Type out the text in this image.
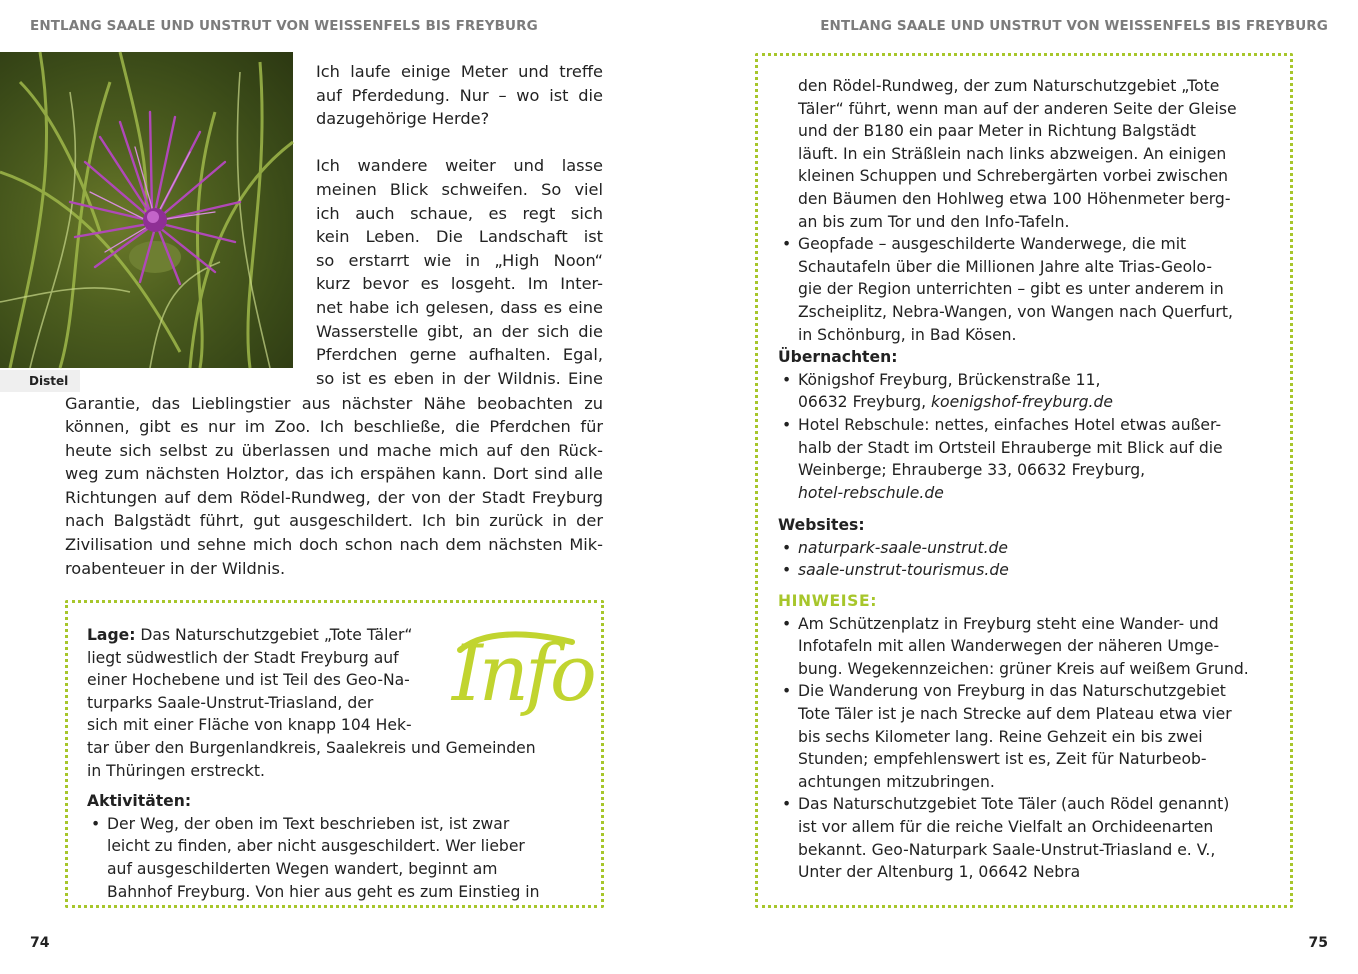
ENTLANG SAALE UND UNSTRUT VON WEISSENFELS BIS FREYBURG
Distel
Ich laufe einige Meter und treffe
auf Pferdedung. Nur – wo ist die
dazugehörige Herde?

Ich wandere weiter und lasse
meinen Blick schweifen. So viel
ich auch schaue, es regt sich
kein Leben. Die Landschaft ist
so erstarrt wie in „High Noon“
kurz bevor es losgeht. Im Inter-
net habe ich gelesen, dass es eine
Wasserstelle gibt, an der sich die
Pferdchen gerne aufhalten. Egal,
so ist es eben in der Wildnis. Eine
Garantie, das Lieblingstier aus nächster Nähe beobachten zu
können, gibt es nur im Zoo. Ich beschließe, die Pferdchen für
heute sich selbst zu überlassen und mache mich auf den Rück-
weg zum nächsten Holztor, das ich erspähen kann. Dort sind alle
Richtungen auf dem Rödel-Rundweg, der von der Stadt Freyburg
nach Balgstädt führt, gut ausgeschildert. Ich bin zurück in der
Zivilisation und sehne mich doch schon nach dem nächsten Mik-
roabenteuer in der Wildnis.
Info
Lage: Das Naturschutzgebiet „Tote Täler“
liegt südwestlich der Stadt Freyburg auf
einer Hochebene und ist Teil des Geo-Na-
turparks Saale-Unstrut-Triasland, der
sich mit einer Fläche von knapp 104 Hek-
tar über den Burgenlandkreis, Saalekreis und Gemeinden
in Thüringen erstreckt.

Aktivitäten:
• Der Weg, der oben im Text beschrieben ist, ist zwar
leicht zu finden, aber nicht ausgeschildert. Wer lieber
auf ausgeschilderten Wegen wandert, beginnt am
Bahnhof Freyburg. Von hier aus geht es zum Einstieg in
74
ENTLANG SAALE UND UNSTRUT VON WEISSENFELS BIS FREYBURG
den Rödel-Rundweg, der zum Naturschutzgebiet „Tote
Täler“ führt, wenn man auf der anderen Seite der Gleise
und der B180 ein paar Meter in Richtung Balgstädt
läuft. In ein Sträßlein nach links abzweigen. An einigen
kleinen Schuppen und Schrebergärten vorbei zwischen
den Bäumen den Hohlweg etwa 100 Höhenmeter berg-
an bis zum Tor und den Info-Tafeln.
• Geopfade – ausgeschilderte Wanderwege, die mit
Schautafeln über die Millionen Jahre alte Trias-Geolo-
gie der Region unterrichten – gibt es unter anderem in
Zscheiplitz, Nebra-Wangen, von Wangen nach Querfurt,
in Schönburg, in Bad Kösen.
Übernachten:
• Königshof Freyburg, Brückenstraße 11,
06632 Freyburg, koenigshof-freyburg.de
• Hotel Rebschule: nettes, einfaches Hotel etwas außer-
halb der Stadt im Ortsteil Ehrauberge mit Blick auf die
Weinberge; Ehrauberge 33, 06632 Freyburg,
hotel-rebschule.de

Websites:
• naturpark-saale-unstrut.de
• saale-unstrut-tourismus.de

HINWEISE:
• Am Schützenplatz in Freyburg steht eine Wander- und
Infotafeln mit allen Wanderwegen der näheren Umge-
bung. Wegekennzeichen: grüner Kreis auf weißem Grund.
• Die Wanderung von Freyburg in das Naturschutzgebiet
Tote Täler ist je nach Strecke auf dem Plateau etwa vier
bis sechs Kilometer lang. Reine Gehzeit ein bis zwei
Stunden; empfehlenswert ist es, Zeit für Naturbeob-
achtungen mitzubringen.
• Das Naturschutzgebiet Tote Täler (auch Rödel genannt)
ist vor allem für die reiche Vielfalt an Orchideenarten
bekannt. Geo-Naturpark Saale-Unstrut-Triasland e. V.,
Unter der Altenburg 1, 06642 Nebra
75
